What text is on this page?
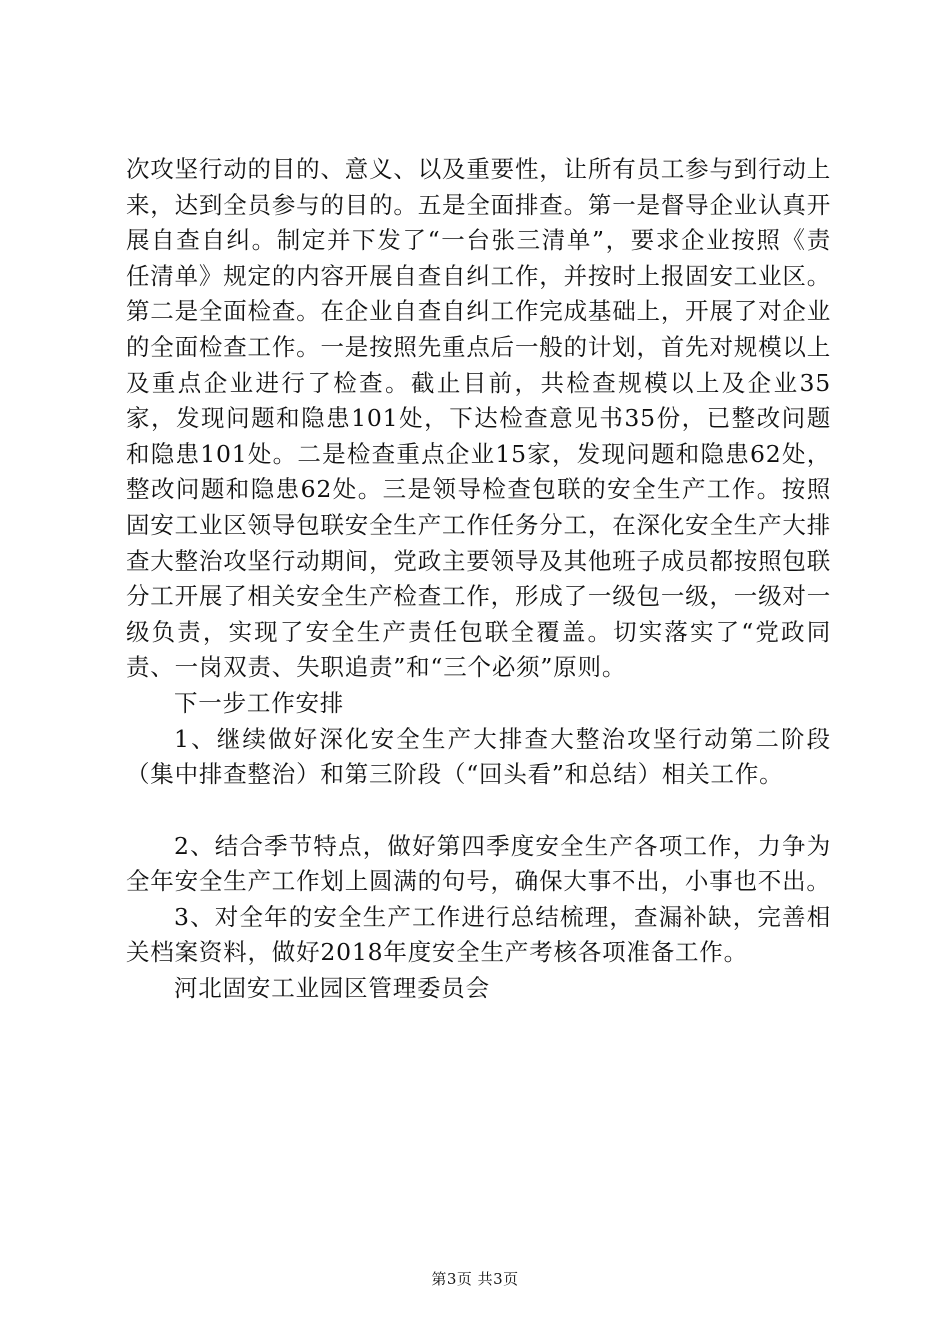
次攻坚行动的目的、意义、以及重要性，让所有员工参与到行动上来，达到全员参与的目的。五是全面排查。第一是督导企业认真开展自查自纠。制定并下发了“一台张三清单”，要求企业按照《责任清单》规定的内容开展自查自纠工作，并按时上报固安工业区。第二是全面检查。在企业自查自纠工作完成基础上，开展了对企业的全面检查工作。一是按照先重点后一般的计划，首先对规模以上及重点企业进行了检查。截止目前，共检查规模以上及企业35家，发现问题和隐患101处，下达检查意见书35份，已整改问题和隐患101处。二是检查重点企业15家，发现问题和隐患62处，整改问题和隐患62处。三是领导检查包联的安全生产工作。按照固安工业区领导包联安全生产工作任务分工，在深化安全生产大排查大整治攻坚行动期间，党政主要领导及其他班子成员都按照包联分工开展了相关安全生产检查工作，形成了一级包一级，一级对一级负责，实现了安全生产责任包联全覆盖。切实落实了“党政同责、一岗双责、失职追责”和“三个必须”原则。

下一步工作安排

1、继续做好深化安全生产大排查大整治攻坚行动第二阶段（集中排查整治）和第三阶段（“回头看”和总结）相关工作。

2、结合季节特点，做好第四季度安全生产各项工作，力争为全年安全生产工作划上圆满的句号，确保大事不出，小事也不出。

3、对全年的安全生产工作进行总结梳理，查漏补缺，完善相关档案资料，做好2018年度安全生产考核各项准备工作。

河北固安工业园区管理委员会

第3页 共3页
